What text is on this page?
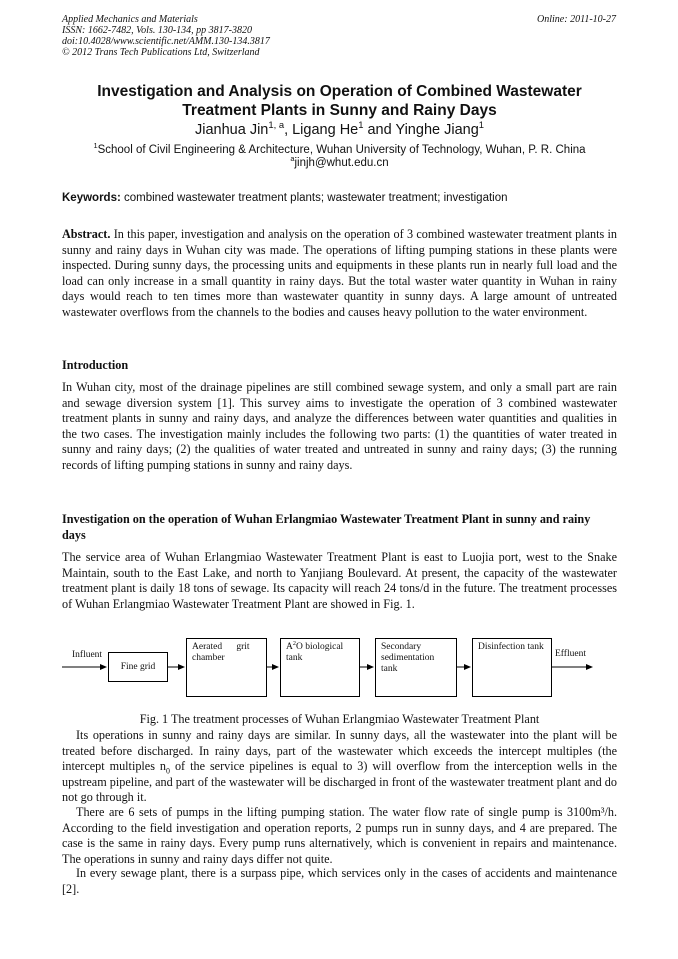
Applied Mechanics and Materials
ISSN: 1662-7482, Vols. 130-134, pp 3817-3820
doi:10.4028/www.scientific.net/AMM.130-134.3817
© 2012 Trans Tech Publications Ltd, Switzerland
Online: 2011-10-27
Investigation and Analysis on Operation of Combined Wastewater
Treatment Plants in Sunny and Rainy Days
Jianhua Jin$^{1, a}$, Ligang He$^1$ and Yinghe Jiang$^1$
$^1$School of Civil Engineering & Architecture, Wuhan University of Technology, Wuhan, P. R. China
$^a$jinjh@whut.edu.cn
Keywords: combined wastewater treatment plants; wastewater treatment; investigation
Abstract. In this paper, investigation and analysis on the operation of 3 combined wastewater treatment plants in sunny and rainy days in Wuhan city was made. The operations of lifting pumping stations in these plants were inspected. During sunny days, the processing units and equipments in these plants run in nearly full load and the load can only increase in a small quantity in rainy days. But the total waster water quantity in Wuhan in rainy days would reach to ten times more than wastewater quantity in sunny days. A large amount of untreated wastewater overflows from the channels to the bodies and causes heavy pollution to the water environment.
Introduction
In Wuhan city, most of the drainage pipelines are still combined sewage system, and only a small part are rain and sewage diversion system [1]. This survey aims to investigate the operation of 3 combined wastewater treatment plants in sunny and rainy days, and analyze the differences between water quantities and qualities in the two cases. The investigation mainly includes the following two parts: (1) the quantities of water treated in sunny and rainy days; (2) the qualities of water treated and untreated in sunny and rainy days; (3) the running records of lifting pumping stations in sunny and rainy days.
Investigation on the operation of Wuhan Erlangmiao Wastewater Treatment Plant in sunny and rainy days
The service area of Wuhan Erlangmiao Wastewater Treatment Plant is east to Luojia port, west to the Snake Maintain, south to the East Lake, and north to Yanjiang Boulevard. At present, the capacity of the wastewater treatment plant is daily 18 tons of sewage. Its capacity will reach 24 tons/d in the future. The treatment processes of Wuhan Erlangmiao Wastewater Treatment Plant are showed in Fig. 1.
Influent
Fine grid
Aerated      grit chamber
$A^2O$ biological tank
Secondary sedimentation tank
Disinfection tank
Effluent
Fig. 1 The treatment processes of Wuhan Erlangmiao Wastewater Treatment Plant
Its operations in sunny and rainy days are similar. In sunny days, all the wastewater into the plant will be treated before discharged. In rainy days, part of the wastewater which exceeds the intercept multiples (the intercept multiples $n_0$ of the service pipelines is equal to 3) will overflow from the interception wells in the upstream pipeline, and part of the wastewater will be discharged in front of the wastewater treatment plant and do not go through it.
There are 6 sets of pumps in the lifting pumping station. The water flow rate of single pump is 3100m³/h. According to the field investigation and operation reports, 2 pumps run in sunny days, and 4 are prepared. The case is the same in rainy days. Every pump runs alternatively, which is convenient in repairs and maintenance. The operations in sunny and rainy days differ not quite.
In every sewage plant, there is a surpass pipe, which services only in the cases of accidents and maintenance [2].
